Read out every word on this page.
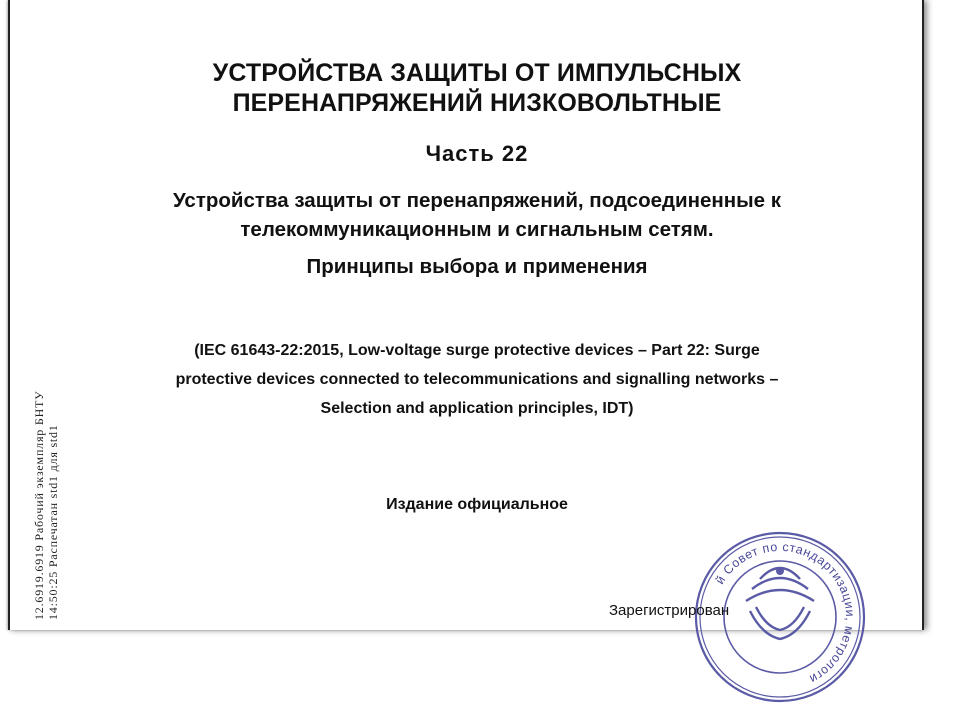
УСТРОЙСТВА ЗАЩИТЫ ОТ ИМПУЛЬСНЫХ
ПЕРЕНАПРЯЖЕНИЙ НИЗКОВОЛЬТНЫЕ
Часть 22
Устройства защиты от перенапряжений, подсоединенные к
телекоммуникационным и сигнальным сетям.
Принципы выбора и применения
(IEC 61643-22:2015, Low-voltage surge protective devices – Part 22: Surge
protective devices connected to telecommunications and signalling networks –
Selection and application principles, IDT)
Издание официальное
12.6919.6919 Рабочий экземпляр БНТУ 14:50:25 Распечатан std1 для std1	й Совет по стандартизации, метрологи
Зарегистрирован
